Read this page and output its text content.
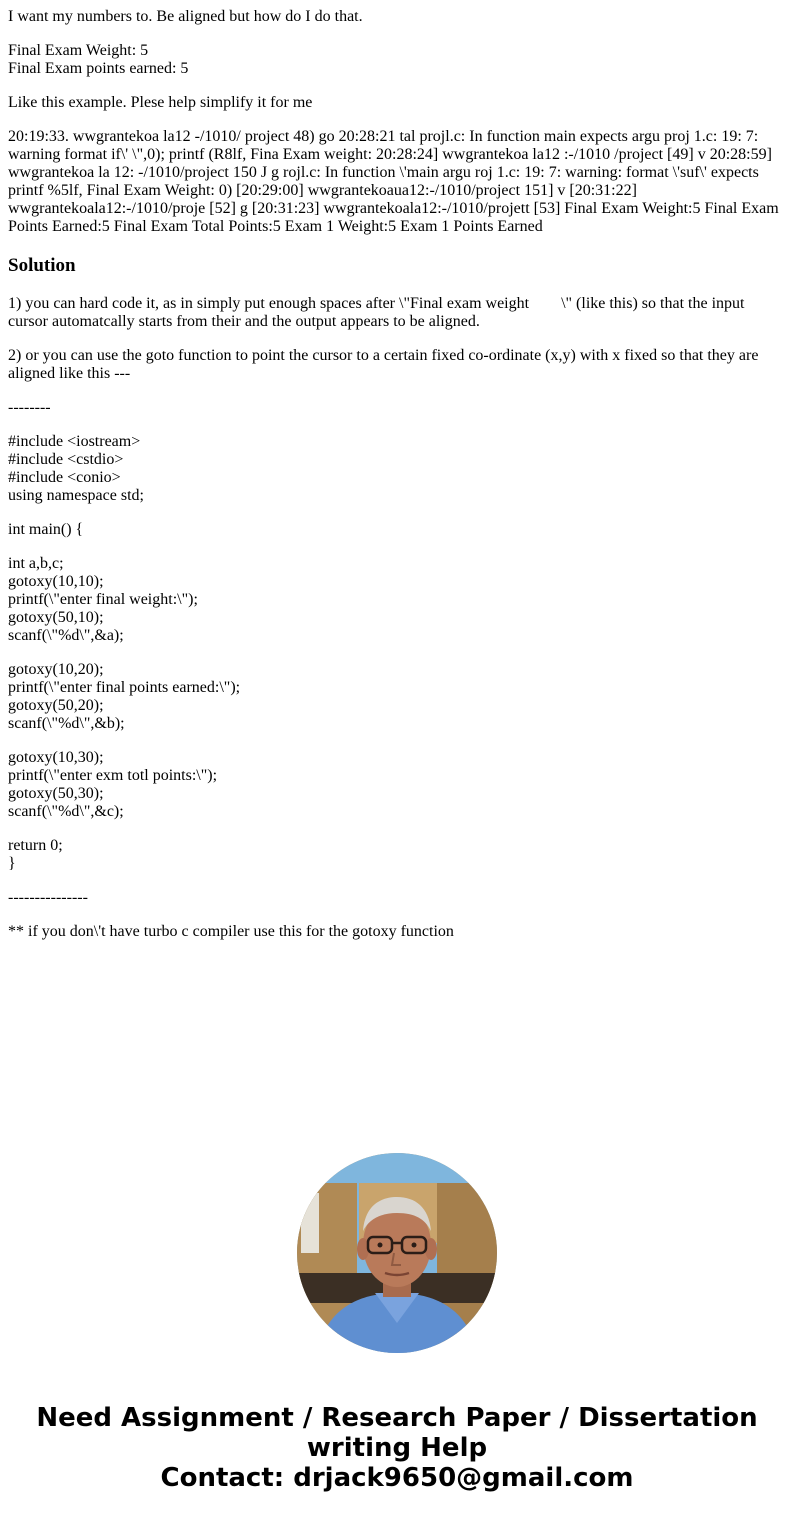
I want my numbers to. Be aligned but how do I do that.

Final Exam Weight: 5
Final Exam points earned: 5

Like this example. Plese help simplify it for me

20:19:33. wwgrantekoa la12 -/1010/ project 48) go 20:28:21 tal projl.c: In function main expects argu proj 1.c: 19: 7: warning format if\' \",0); printf (R8lf, Fina Exam weight: 20:28:24] wwgrantekoa la12 :-/1010 /project [49] v 20:28:59] wwgrantekoa la 12: -/1010/project 150 J g rojl.c: In function \'main argu roj 1.c: 19: 7: warning: format \'suf\' expects printf %5lf, Final Exam Weight: 0) [20:29:00] wwgrantekoaua12:-/1010/project 151] v [20:31:22] wwgrantekoala12:-/1010/proje [52] g [20:31:23] wwgrantekoala12:-/1010/projett [53] Final Exam Weight:5 Final Exam Points Earned:5 Final Exam Total Points:5 Exam 1 Weight:5 Exam 1 Points Earned

Solution

1) you can hard code it, as in simply put enough spaces after \"Final exam weight        \" (like this) so that the input cursor automatcally starts from their and the output appears to be aligned.

2) or you can use the goto function to point the cursor to a certain fixed co-ordinate (x,y) with x fixed so that they are aligned like this ---

--------

#include <iostream>
#include <cstdio>
#include <conio>
using namespace std;

int main() {

int a,b,c;
gotoxy(10,10);
printf(\"enter final weight:\");
gotoxy(50,10);
scanf(\"%d\",&a);

gotoxy(10,20);
printf(\"enter final points earned:\");
gotoxy(50,20);
scanf(\"%d\",&b);

gotoxy(10,30);
printf(\"enter exm totl points:\");
gotoxy(50,30);
scanf(\"%d\",&c);

return 0;
}

---------------

** if you don\'t have turbo c compiler use this for the gotoxy function

Need Assignment / Research Paper / Dissertation
writing Help
Contact: drjack9650@gmail.com
